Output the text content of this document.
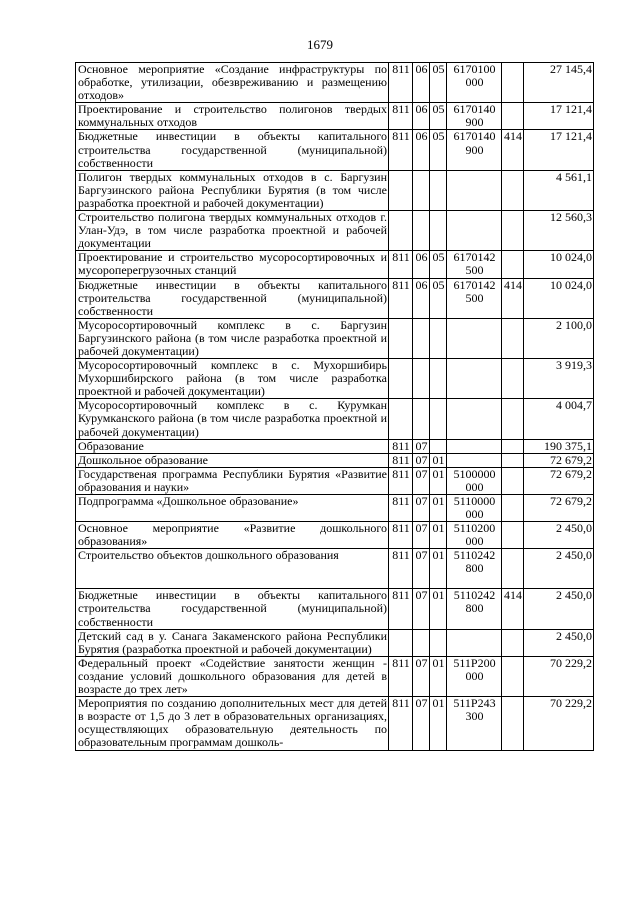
1679
Основное мероприятие «Создание инфраструктуры по обработке, утилизации, обезвреживанию и размещению отходов»	811	06	05	6170100 000		27 145,4
Проектирование и строительство полигонов твердых коммунальных отходов	811	06	05	6170140 900		17 121,4
Бюджетные инвестиции в объекты капитального строительства государственной (муниципальной) собственности	811	06	05	6170140 900	414	17 121,4
Полигон твердых коммунальных отходов в с. Баргузин Баргузинского района Республики Бурятия (в том числе разработка проектной и рабочей документации)						4 561,1
Строительство полигона твердых коммунальных отходов г. Улан-Удэ, в том числе разработка проектной и рабочей документации						12 560,3
Проектирование и строительство мусоросортировочных и мусороперегрузочных станций	811	06	05	6170142 500		10 024,0
Бюджетные инвестиции в объекты капитального строительства государственной (муниципальной) собственности	811	06	05	6170142 500	414	10 024,0
Мусоросортировочный комплекс в с. Баргузин Баргузинского района (в том числе разработка проектной и рабочей документации)						2 100,0
Мусоросортировочный комплекс в с. Мухоршибирь Мухоршибирского района (в том числе разработка проектной и рабочей документации)						3 919,3
Мусоросортировочный комплекс в с. Курумкан Курумканского района (в том числе разработка проектной и рабочей документации)						4 004,7
Образование	811	07				190 375,1
Дошкольное образование	811	07	01			72 679,2
Государственая программа Республики Бурятия «Развитие образования и науки»	811	07	01	5100000 000		72 679,2
Подпрограмма «Дошкольное образование»	811	07	01	5110000 000		72 679,2
Основное мероприятие «Развитие дошкольного образования»	811	07	01	5110200 000		2 450,0
Строительство объектов дошкольного образования	811	07	01	5110242 800		2 450,0
Бюджетные инвестиции в объекты капитального строительства государственной (муниципальной) собственности	811	07	01	5110242 800	414	2 450,0
Детский сад в у. Санага Закаменского района Республики Бурятия (разработка проектной и рабочей документации)						2 450,0
Федеральный проект «Содействие занятости женщин - создание условий дошкольного образования для детей в возрасте до трех лет»	811	07	01	511P200 000		70 229,2
Мероприятия по созданию дополнительных мест для детей в возрасте от 1,5 до 3 лет в образовательных организациях, осуществляющих образовательную деятельность по образовательным программам дошколь-	811	07	01	511P243 300		70 229,2
